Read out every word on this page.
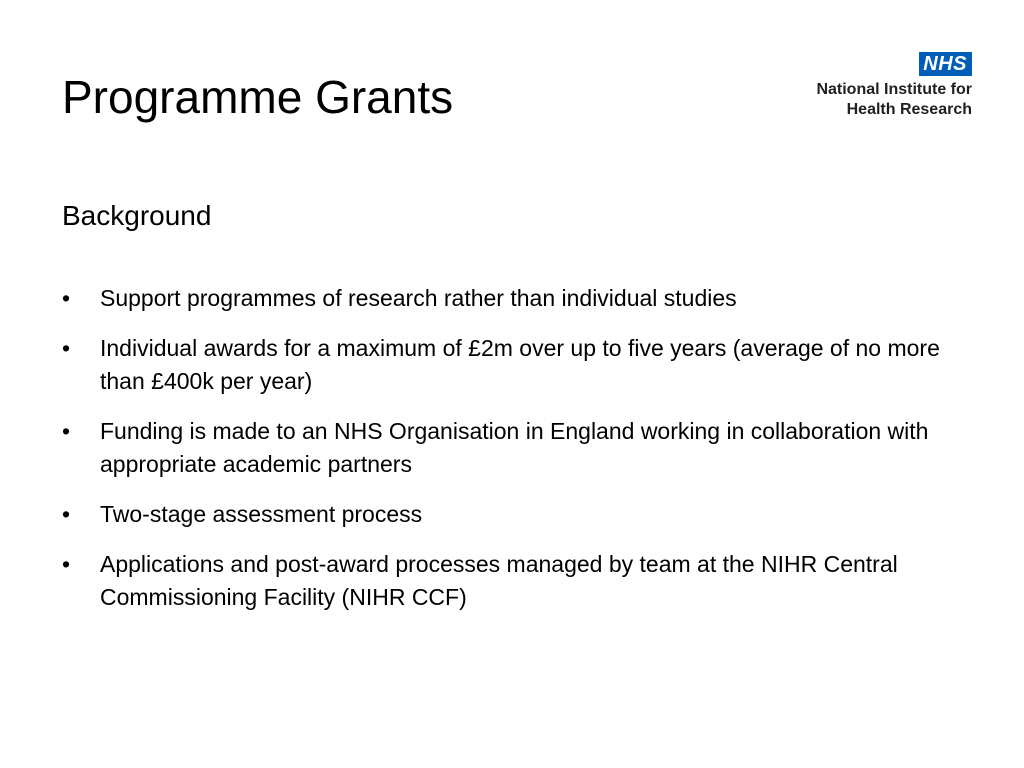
Programme Grants
NHS
National Institute for
Health Research
Background
•	Support programmes of research rather than individual studies
•	Individual awards for a maximum of £2m over up to five years (average of no more than £400k per year)
•	Funding is made to an NHS Organisation in England working in collaboration with appropriate academic partners
•	Two-stage assessment process
•	Applications and post-award processes managed by team at the NIHR Central Commissioning Facility (NIHR CCF)
